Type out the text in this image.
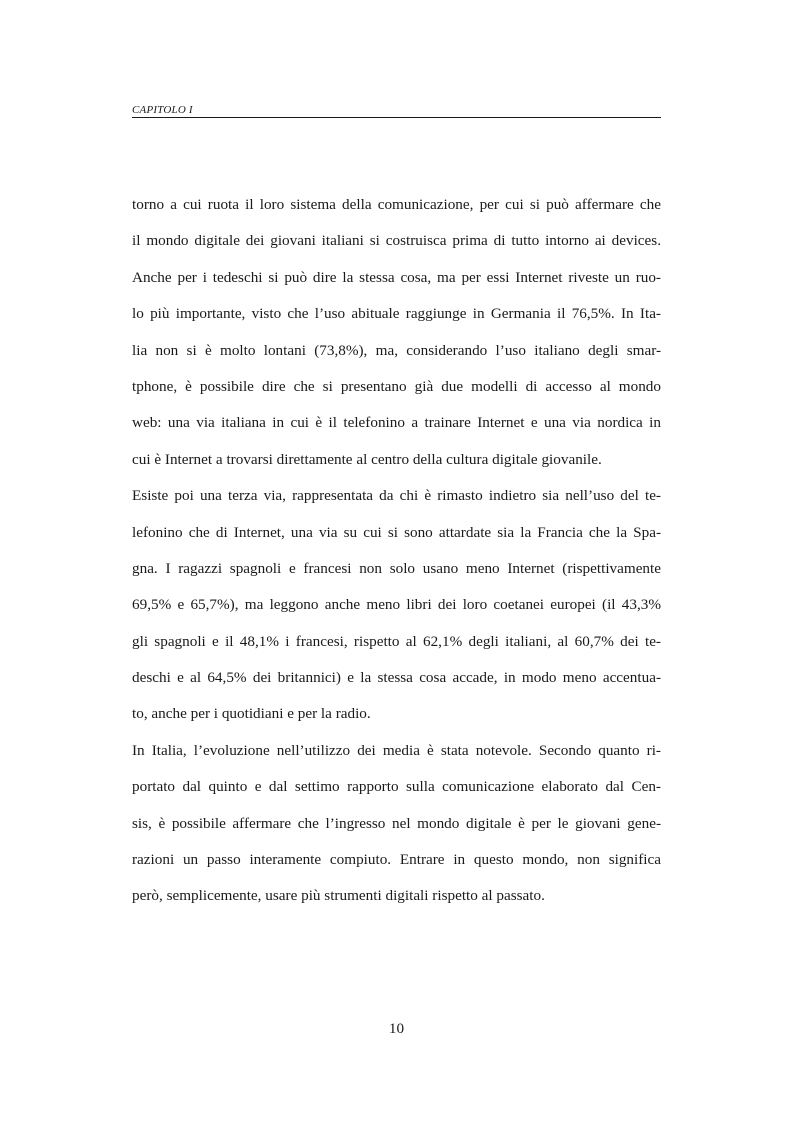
CAPITOLO I
torno a cui ruota il loro sistema della comunicazione, per cui si può affermare che
il mondo digitale dei giovani italiani si costruisca prima di tutto intorno ai devices.
Anche per i tedeschi si può dire la stessa cosa, ma per essi Internet riveste un ruo-
lo più importante, visto che l’uso abituale raggiunge in Germania il 76,5%. In Ita-
lia non si è molto lontani (73,8%), ma, considerando l’uso italiano degli smar-
tphone, è possibile dire che si presentano già due modelli di accesso al mondo
web: una via italiana in cui è il telefonino a trainare Internet e una via nordica in
cui è Internet a trovarsi direttamente al centro della cultura digitale giovanile.
Esiste poi una terza via, rappresentata da chi è rimasto indietro sia nell’uso del te-
lefonino che di Internet, una via su cui si sono attardate sia la Francia che la Spa-
gna. I ragazzi spagnoli e francesi non solo usano meno Internet (rispettivamente
69,5% e 65,7%), ma leggono anche meno libri dei loro coetanei europei (il 43,3%
gli spagnoli e il 48,1% i francesi, rispetto al 62,1% degli italiani, al 60,7% dei te-
deschi e al 64,5% dei britannici) e la stessa cosa accade, in modo meno accentua-
to, anche per i quotidiani e per la radio.
In Italia, l’evoluzione nell’utilizzo dei media è stata notevole. Secondo quanto ri-
portato dal quinto e dal settimo rapporto sulla comunicazione elaborato dal Cen-
sis, è possibile affermare che l’ingresso nel mondo digitale è per le giovani gene-
razioni un passo interamente compiuto. Entrare in questo mondo, non significa
però, semplicemente, usare più strumenti digitali rispetto al passato.
10
